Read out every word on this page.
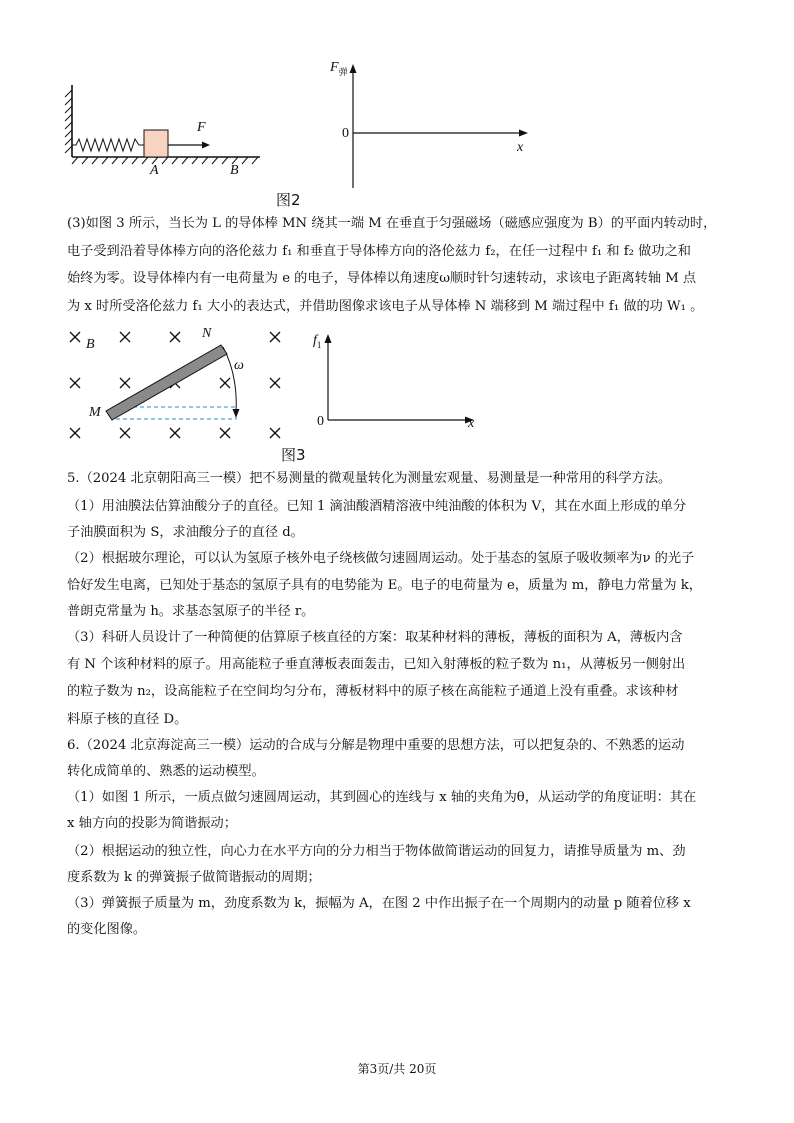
F
A	B
$F_弹$
0
x
图2
(3)如图 3 所示，当长为 L 的导体棒 MN 绕其一端 M 在垂直于匀强磁场（磁感应强度为 B）的平面内转动时，
电子受到沿着导体棒方向的洛伦兹力 f₁ 和垂直于导体棒方向的洛伦兹力 f₂，在任一过程中 f₁ 和 f₂ 做功之和
始终为零。设导体棒内有一电荷量为 e 的电子，导体棒以角速度ω顺时针匀速转动，求该电子距离转轴 M 点
为 x 时所受洛伦兹力 f₁ 大小的表达式，并借助图像求该电子从导体棒 N 端移到 M 端过程中 f₁ 做的功 W₁ 。
B
N
M
ω
$f_1$
0	x
图3
5.（2024 北京朝阳高三一模）把不易测量的微观量转化为测量宏观量、易测量是一种常用的科学方法。
（1）用油膜法估算油酸分子的直径。已知 1 滴油酸酒精溶液中纯油酸的体积为 V，其在水面上形成的单分
子油膜面积为 S，求油酸分子的直径 d。
（2）根据玻尔理论，可以认为氢原子核外电子绕核做匀速圆周运动。处于基态的氢原子吸收频率为ν 的光子
恰好发生电离，已知处于基态的氢原子具有的电势能为 E。电子的电荷量为 e，质量为 m，静电力常量为 k，
普朗克常量为 h。求基态氢原子的半径 r。
（3）科研人员设计了一种简便的估算原子核直径的方案：取某种材料的薄板，薄板的面积为 A，薄板内含
有 N 个该种材料的原子。用高能粒子垂直薄板表面轰击，已知入射薄板的粒子数为 n₁，从薄板另一侧射出
的粒子数为 n₂，设高能粒子在空间均匀分布，薄板材料中的原子核在高能粒子通道上没有重叠。求该种材
料原子核的直径 D。
6.（2024 北京海淀高三一模）运动的合成与分解是物理中重要的思想方法，可以把复杂的、不熟悉的运动
转化成简单的、熟悉的运动模型。
（1）如图 1 所示，一质点做匀速圆周运动，其到圆心的连线与 x 轴的夹角为θ，从运动学的角度证明：其在
x 轴方向的投影为简谐振动；
（2）根据运动的独立性，向心力在水平方向的分力相当于物体做简谐运动的回复力，请推导质量为 m、劲
度系数为 k 的弹簧振子做简谐振动的周期；
（3）弹簧振子质量为 m，劲度系数为 k，振幅为 A，在图 2 中作出振子在一个周期内的动量 p 随着位移 x
的变化图像。
第3页/共 20页
